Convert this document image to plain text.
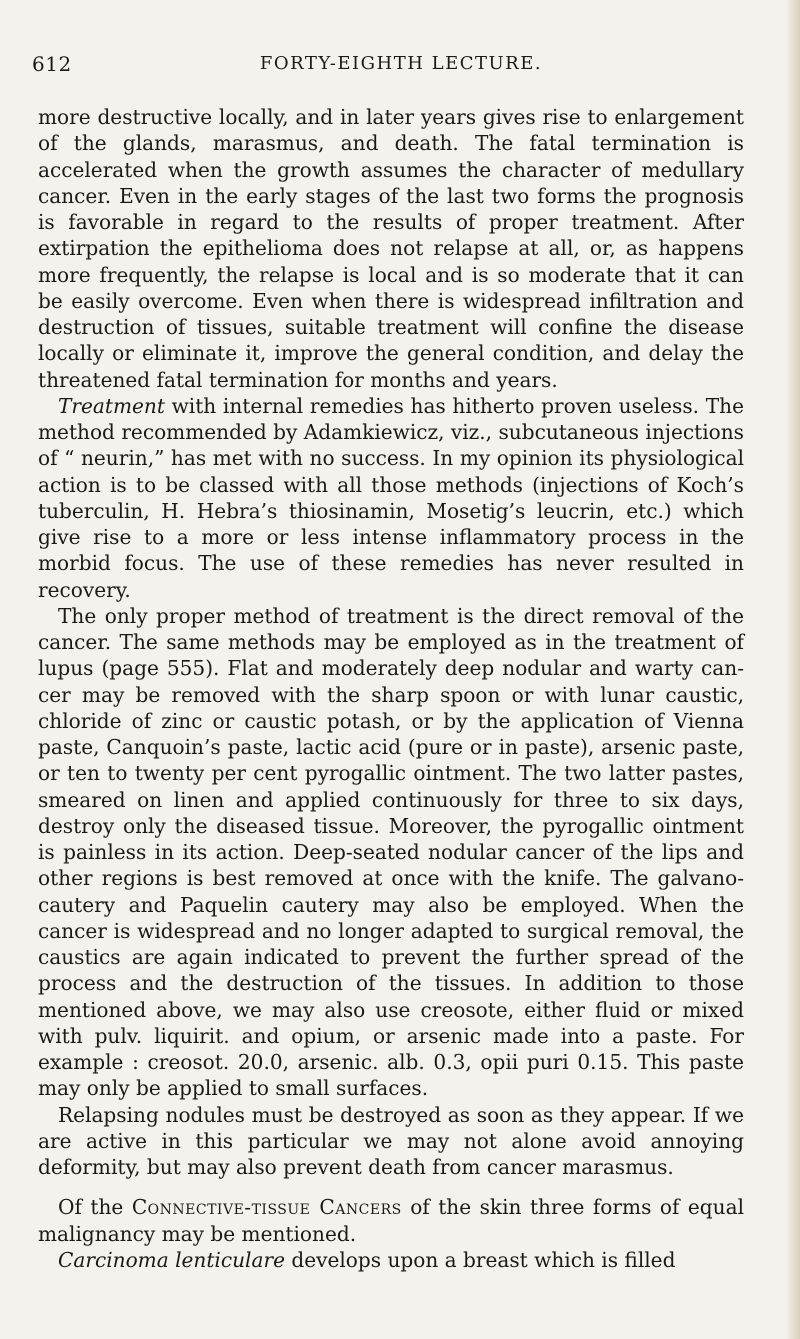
612	FORTY-EIGHTH LECTURE.

more destructive locally, and in later years gives rise to enlargement of the glands, marasmus, and death. The fatal termination is accelerated when the growth assumes the character of medullary cancer. Even in the early stages of the last two forms the prognosis is favorable in regard to the results of proper treatment. After extirpation the epithelioma does not relapse at all, or, as happens more frequently, the relapse is local and is so moderate that it can be easily overcome. Even when there is widespread infiltration and destruction of tissues, suitable treatment will confine the disease locally or eliminate it, improve the general condition, and delay the threatened fatal termination for months and years.

Treatment with internal remedies has hitherto proven useless. The method recommended by Adamkiewicz, viz., subcutaneous injections of “ neurin,” has met with no success. In my opinion its physiological action is to be classed with all those methods (injections of Koch’s tuberculin, H. Hebra’s thiosinamin, Mosetig’s leucrin, etc.) which give rise to a more or less intense inflammatory process in the morbid focus. The use of these remedies has never resulted in recovery.

The only proper method of treatment is the direct removal of the cancer. The same methods may be employed as in the treatment of lupus (page 555). Flat and moderately deep nodular and warty cancer may be removed with the sharp spoon or with lunar caustic, chloride of zinc or caustic potash, or by the application of Vienna paste, Canquoin’s paste, lactic acid (pure or in paste), arsenic paste, or ten to twenty per cent pyrogallic ointment. The two latter pastes, smeared on linen and applied continuously for three to six days, destroy only the diseased tissue. Moreover, the pyrogallic ointment is painless in its action. Deep-seated nodular cancer of the lips and other regions is best removed at once with the knife. The galvano-cautery and Paquelin cautery may also be employed. When the cancer is widespread and no longer adapted to surgical removal, the caustics are again indicated to prevent the further spread of the process and the destruction of the tissues. In addition to those mentioned above, we may also use creosote, either fluid or mixed with pulv. liquirit. and opium, or arsenic made into a paste. For example : creosot. 20.0, arsenic. alb. 0.3, opii puri 0.15. This paste may only be applied to small surfaces.

Relapsing nodules must be destroyed as soon as they appear. If we are active in this particular we may not alone avoid annoying deformity, but may also prevent death from cancer marasmus.

Of the Connective-tissue Cancers of the skin three forms of equal malignancy may be mentioned.

Carcinoma lenticulare develops upon a breast which is filled
